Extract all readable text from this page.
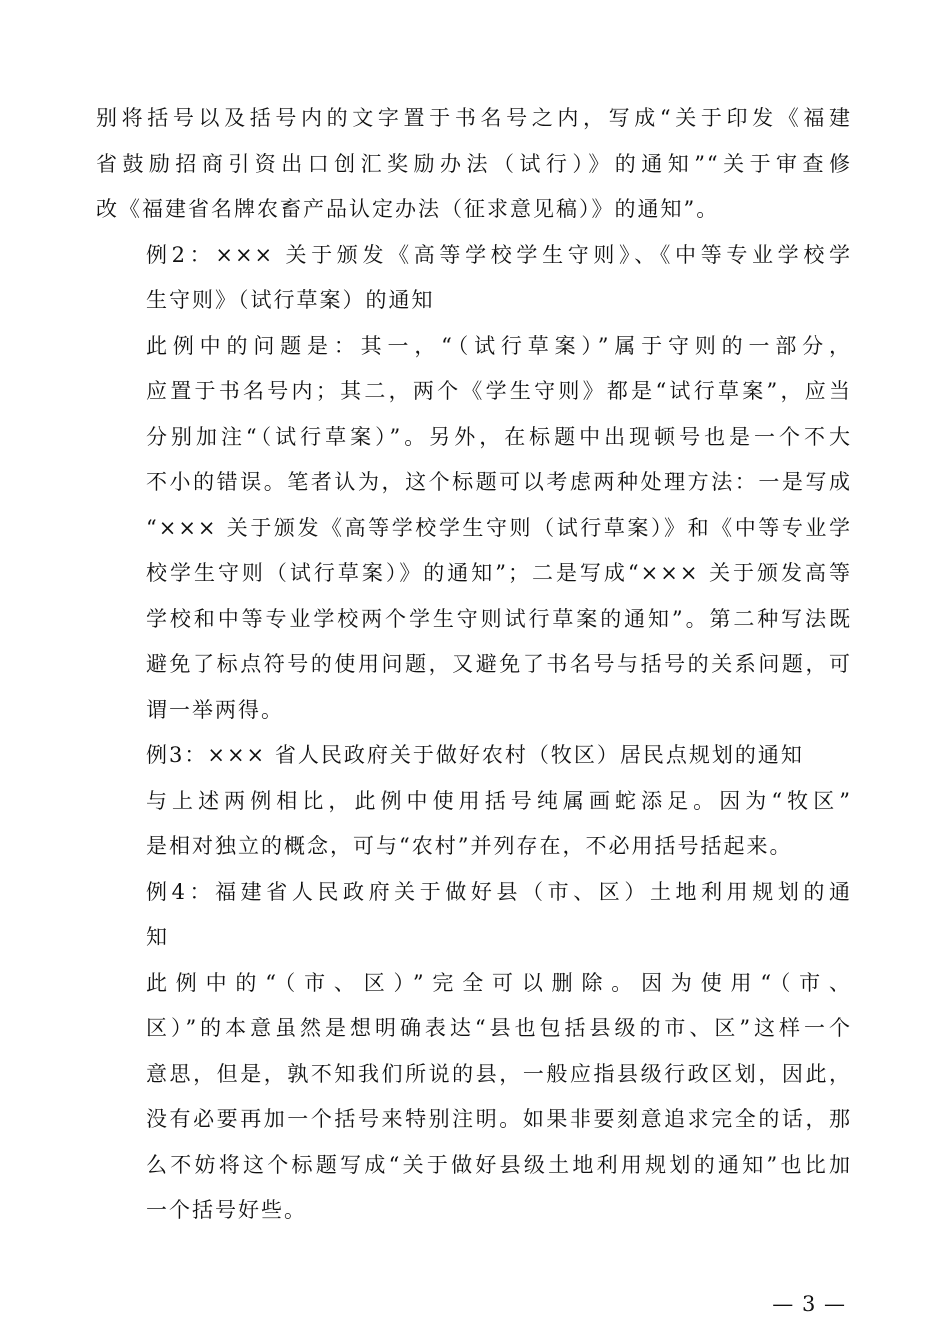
别将括号以及括号内的文字置于书名号之内，写成“关于印发《福建
省鼓励招商引资出口创汇奖励办法（试行）》的通知”“关于审查修
改《福建省名牌农畜产品认定办法（征求意见稿）》的通知”。

例2：××× 关于颁发《高等学校学生守则》、《中等专业学校学
生守则》（试行草案）的通知

此例中的问题是：其一，“（试行草案）”属于守则的一部分，
应置于书名号内；其二，两个《学生守则》都是“试行草案”，应当
分别加注“（试行草案）”。另外，在标题中出现顿号也是一个不大
不小的错误。笔者认为，这个标题可以考虑两种处理方法：一是写成
“××× 关于颁发《高等学校学生守则（试行草案）》和《中等专业学
校学生守则（试行草案）》的通知”；二是写成“××× 关于颁发高等
学校和中等专业学校两个学生守则试行草案的通知”。第二种写法既
避免了标点符号的使用问题，又避免了书名号与括号的关系问题，可
谓一举两得。

例3：××× 省人民政府关于做好农村（牧区）居民点规划的通知

与上述两例相比，此例中使用括号纯属画蛇添足。因为“牧区”
是相对独立的概念，可与“农村”并列存在，不必用括号括起来。

例4：福建省人民政府关于做好县（市、区）土地利用规划的通
知

此例中的“（市、区）”完全可以删除。因为使用“（市、
区）”的本意虽然是想明确表达“县也包括县级的市、区”这样一个
意思，但是，孰不知我们所说的县，一般应指县级行政区划，因此，
没有必要再加一个括号来特别注明。如果非要刻意追求完全的话，那
么不妨将这个标题写成“关于做好县级土地利用规划的通知”也比加
一个括号好些。

— 3 —
